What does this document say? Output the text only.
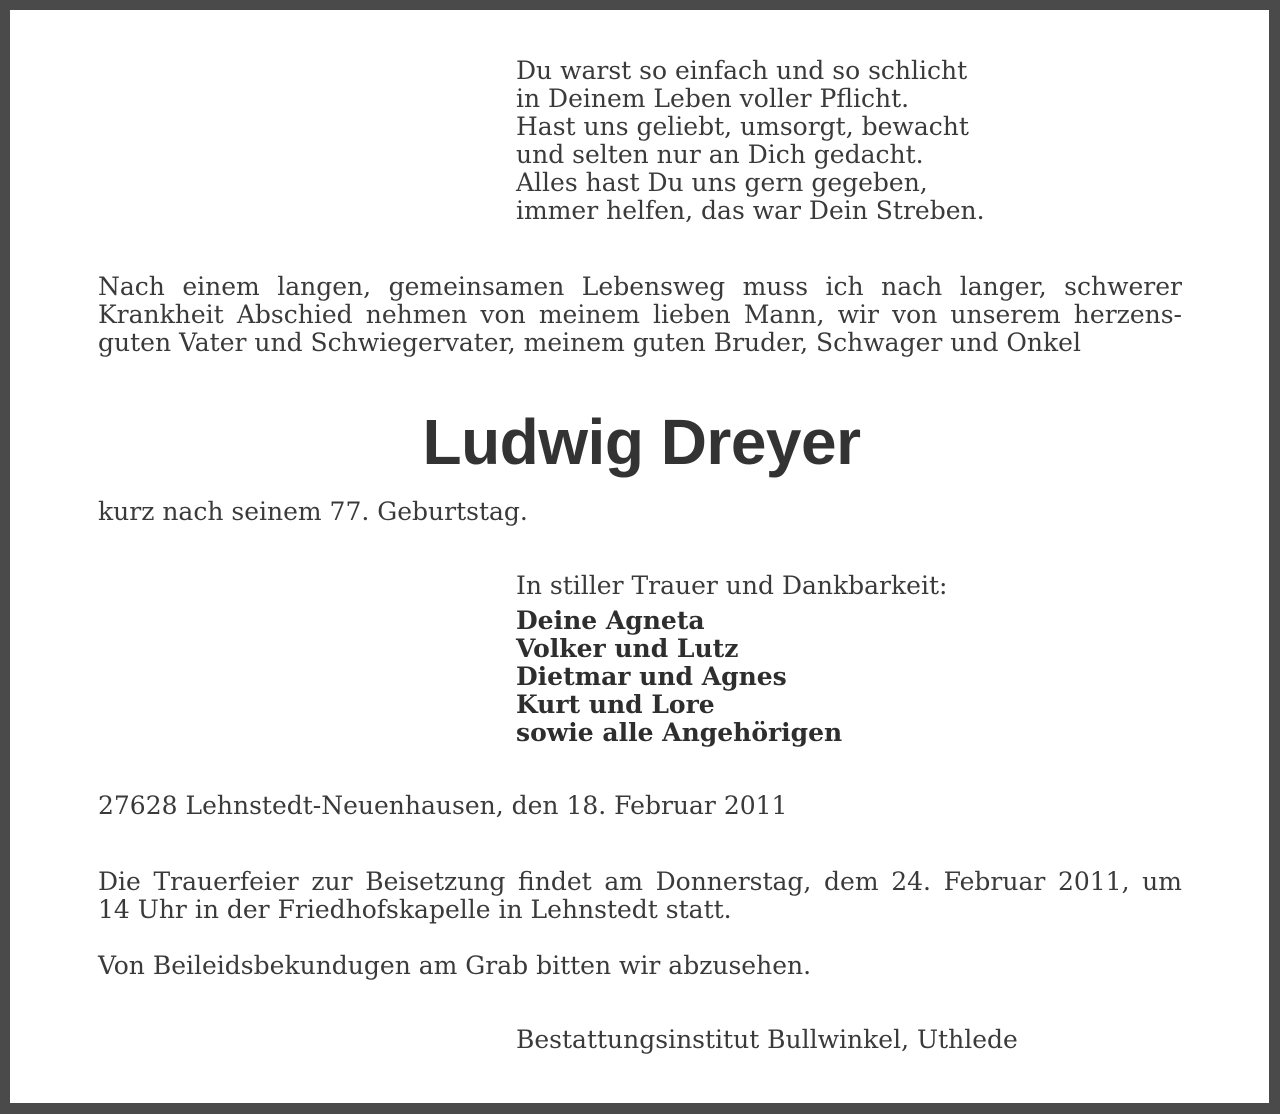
Du warst so einfach und so schlicht
in Deinem Leben voller Pflicht.
Hast uns geliebt, umsorgt, bewacht
und selten nur an Dich gedacht.
Alles hast Du uns gern gegeben,
immer helfen, das war Dein Streben.
Nach einem langen, gemeinsamen Lebensweg muss ich nach langer, schwerer
Krankheit Abschied nehmen von meinem lieben Mann, wir von unserem herzens-
guten Vater und Schwiegervater, meinem guten Bruder, Schwager und Onkel
Ludwig Dreyer
kurz nach seinem 77. Geburtstag.
In stiller Trauer und Dankbarkeit:
Deine Agneta
Volker und Lutz
Dietmar und Agnes
Kurt und Lore
sowie alle Angehörigen
27628 Lehnstedt-Neuenhausen, den 18. Februar 2011
Die Trauerfeier zur Beisetzung findet am Donnerstag, dem 24. Februar 2011, um
14 Uhr in der Friedhofskapelle in Lehnstedt statt.
Von Beileidsbekundugen am Grab bitten wir abzusehen.
Bestattungsinstitut Bullwinkel, Uthlede
